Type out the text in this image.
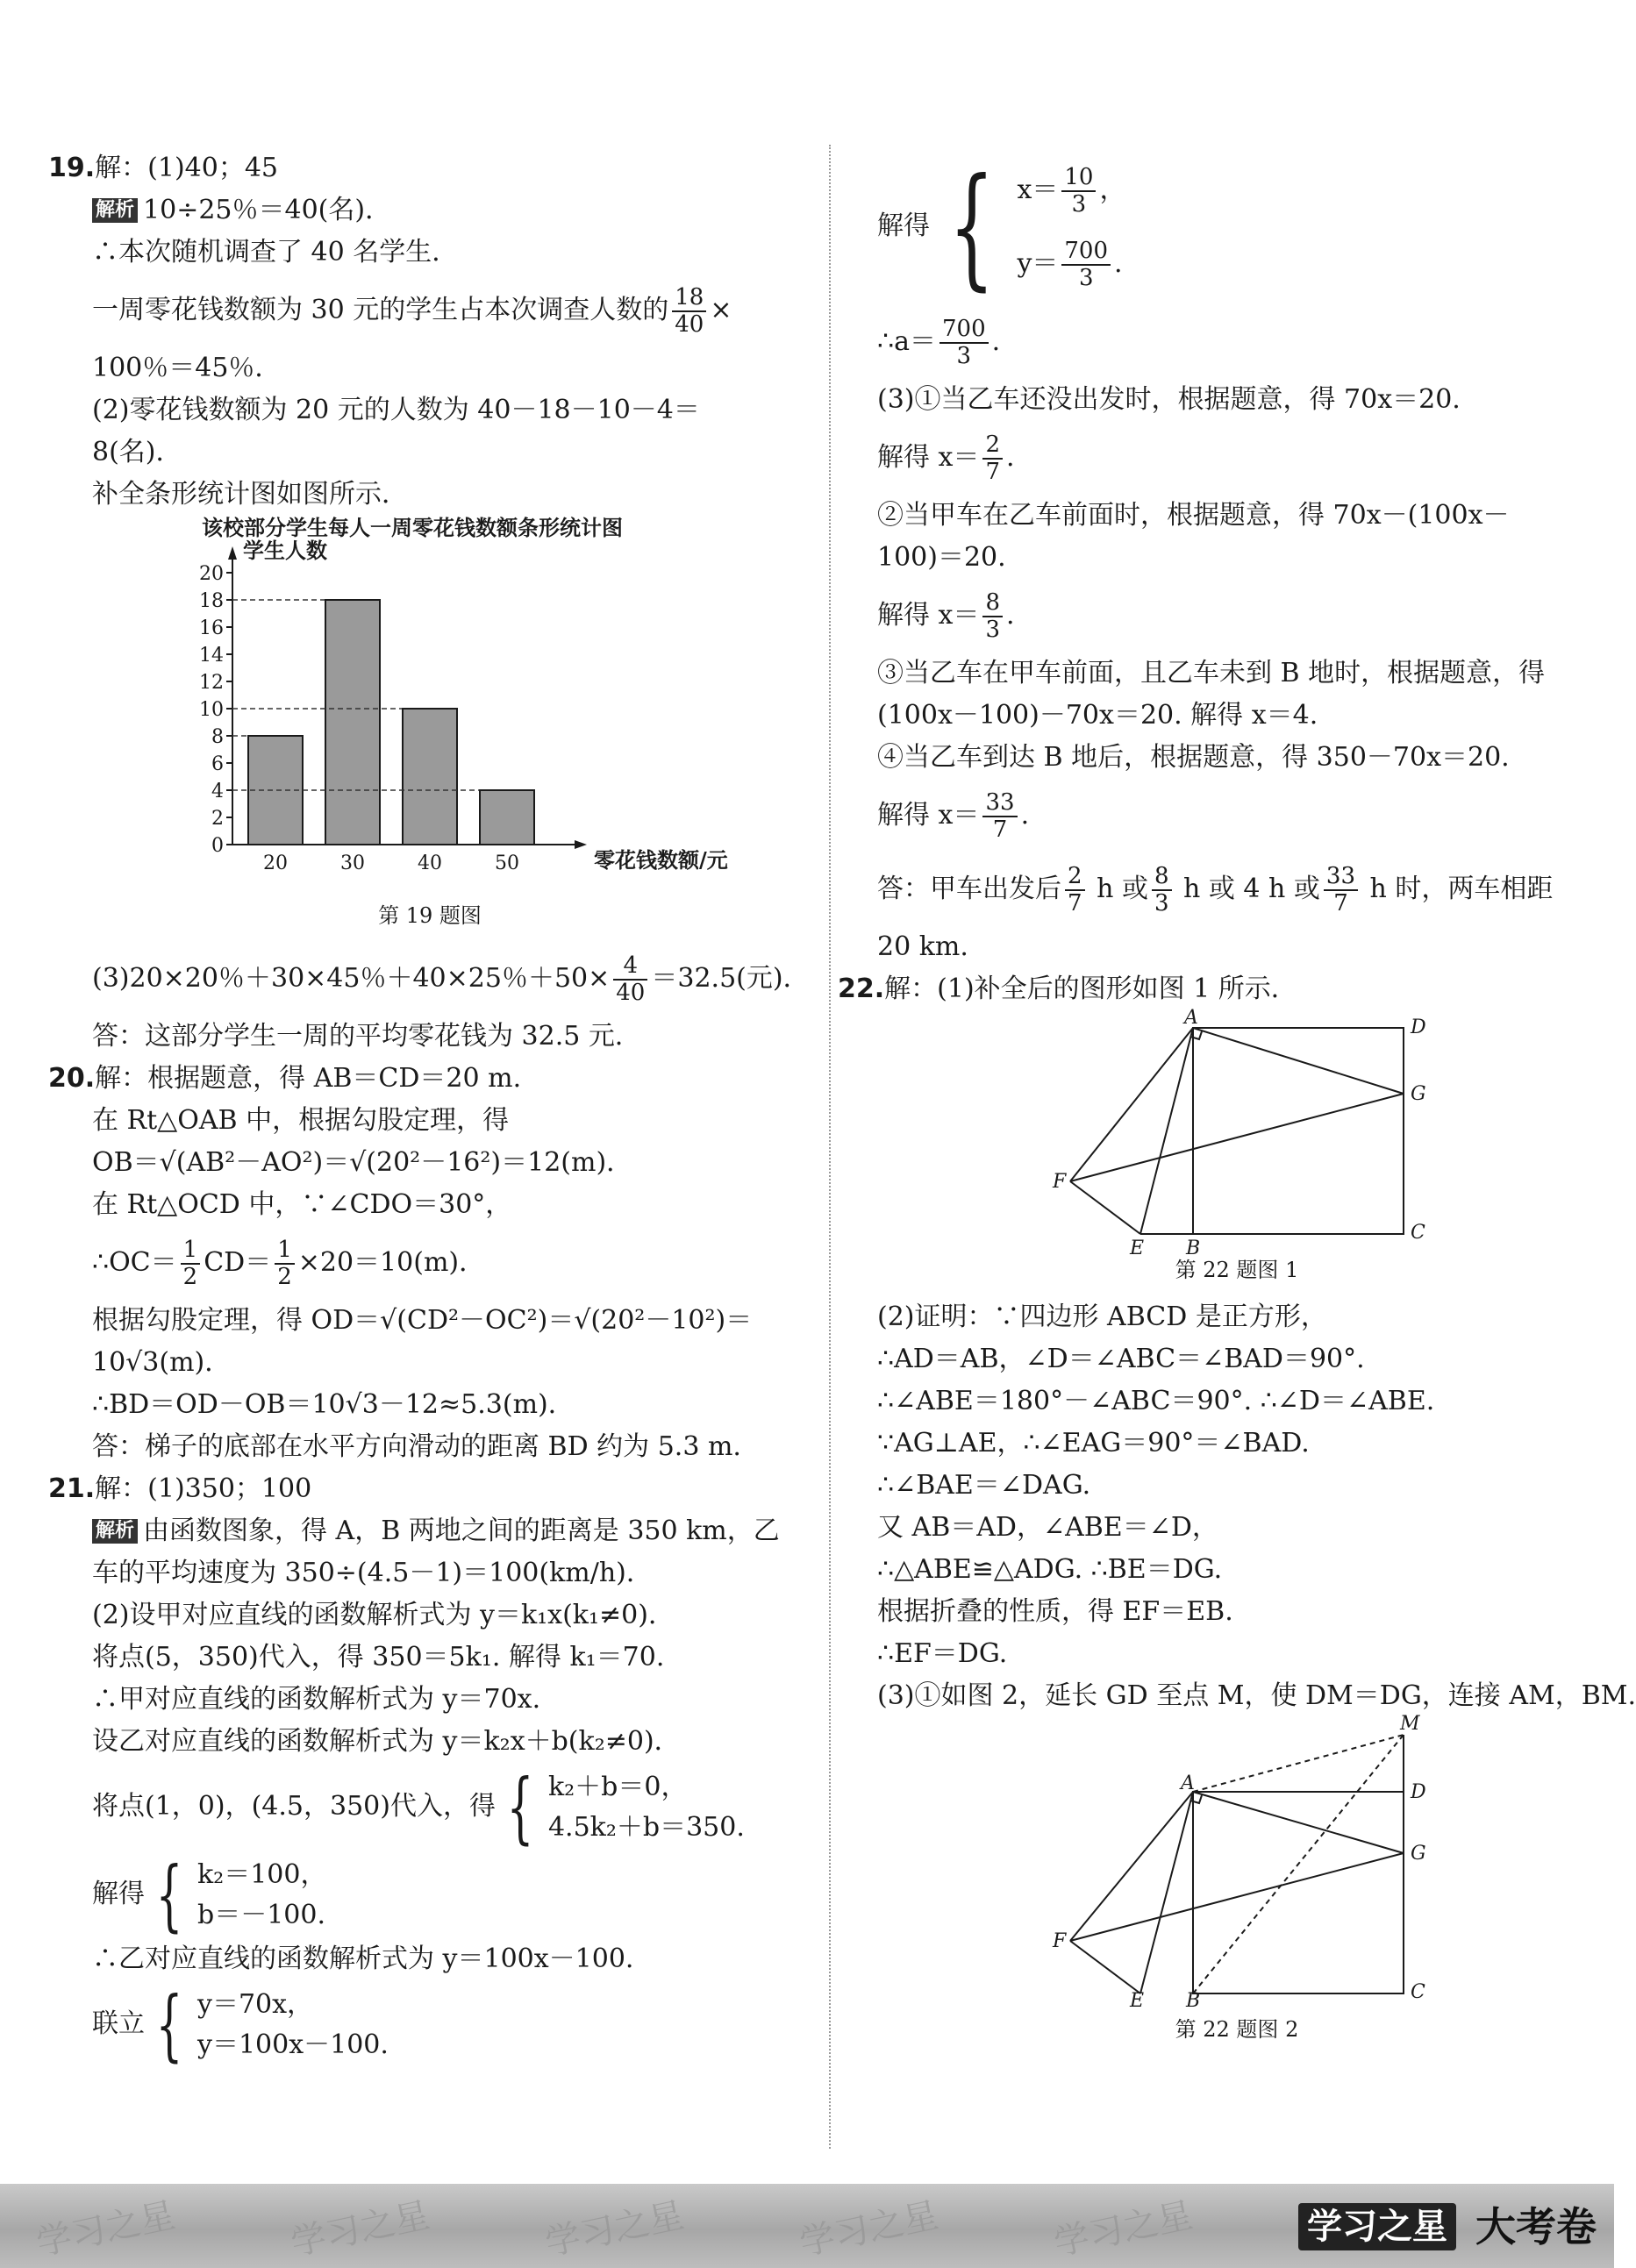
19.解：(1)40；45
解析 10÷25％＝40(名)．
∴本次随机调查了 40 名学生．
一周零花钱数额为 30 元的学生占本次调查人数的 $\frac{18}{40}$ ×
100％＝45％．
(2)零花钱数额为 20 元的人数为 40－18－10－4＝
8(名)．
补全条形统计图如图所示．
该校部分学生每人一周零花钱数额条形统计图
学生人数
零花钱数额/元
0
2
4
6
8
10
12
14
16
18
20
20	30	40	50
第 19 题图
(3)20×20％＋30×45％＋40×25％$+50\times \frac{4}{40} =32.5$(元)．
答：这部分学生一周的平均零花钱为 32.5 元．
20.解：根据题意，得 AB＝CD＝20 m.
在 Rt△OAB 中，根据勾股定理，得
OB＝√(AB²－AO²)＝√(20²－16²)＝12(m)．
在 Rt△OCD 中，∵∠CDO＝30°，
∴OC＝ $\frac{1}{2} CD= \frac{1}{2} \times 20=10(m)$．
根据勾股定理，得 OD＝√(CD²－OC²)＝√(20²－10²)＝
10√3(m)．
∴BD＝OD－OB＝10√3－12≈5.3(m)．
答：梯子的底部在水平方向滑动的距离 BD 约为 5.3 m.
21.解：(1)350；100
解析 由函数图象，得 A，B 两地之间的距离是 350 km，乙
车的平均速度为 350÷(4.5－1)＝100(km/h)．
(2)设甲对应直线的函数解析式为 y＝k₁x(k₁≠0)．
将点(5，350)代入，得 350＝5k₁. 解得 k₁＝70.
∴甲对应直线的函数解析式为 y＝70x.
设乙对应直线的函数解析式为 y＝k₂x＋b(k₂≠0)．
将点(1，0)，(4.5，350)代入，得 { k₂＋b＝0，
4.5k₂＋b＝350.
解得 { k₂＝100，
b＝－100.
∴乙对应直线的函数解析式为 y＝100x－100.
联立 { y＝70x，
y＝100x－100.
解得 { $x= \frac{10}{3}$ ，
$y= \frac{700}{3}$ .
∴a＝ $\frac{700}{3}$ .
(3)①当乙车还没出发时，根据题意，得 70x＝20.
解得 $x= \frac{2}{7}$ .
②当甲车在乙车前面时，根据题意，得 70x－(100x－
100)＝20.
解得 $x= \frac{8}{3}$ .
③当乙车在甲车前面，且乙车未到 B 地时，根据题意，得
(100x－100)－70x＝20. 解得 x＝4.
④当乙车到达 B 地后，根据题意，得 350－70x＝20.
解得 $x= \frac{33}{7}$ .
答：甲车出发后 $\frac{2}{7}$ h 或 $\frac{8}{3}$ h 或 4 h 或 $\frac{33}{7}$ h 时，两车相距
20 km.
22.解：(1)补全后的图形如图 1 所示．
A	D
G
F
E B
C
第 22 题图 1
(2)证明：∵四边形 ABCD 是正方形，
∴AD＝AB，∠D＝∠ABC＝∠BAD＝90°.
∴∠ABE＝180°－∠ABC＝90°. ∴∠D＝∠ABE.
∵AG⊥AE，∴∠EAG＝90°＝∠BAD.
∴∠BAE＝∠DAG.
又 AB＝AD，∠ABE＝∠D，
∴△ABE≌△ADG. ∴BE＝DG.
根据折叠的性质，得 EF＝EB.
∴EF＝DG.
(3)①如图 2，延长 GD 至点 M，使 DM＝DG，连接 AM，BM.
M
A	D
G
F
E B	C
第 22 题图 2
学习之星	学习之星	学习之星	学习之星	学习之星	学习之星 大考卷
